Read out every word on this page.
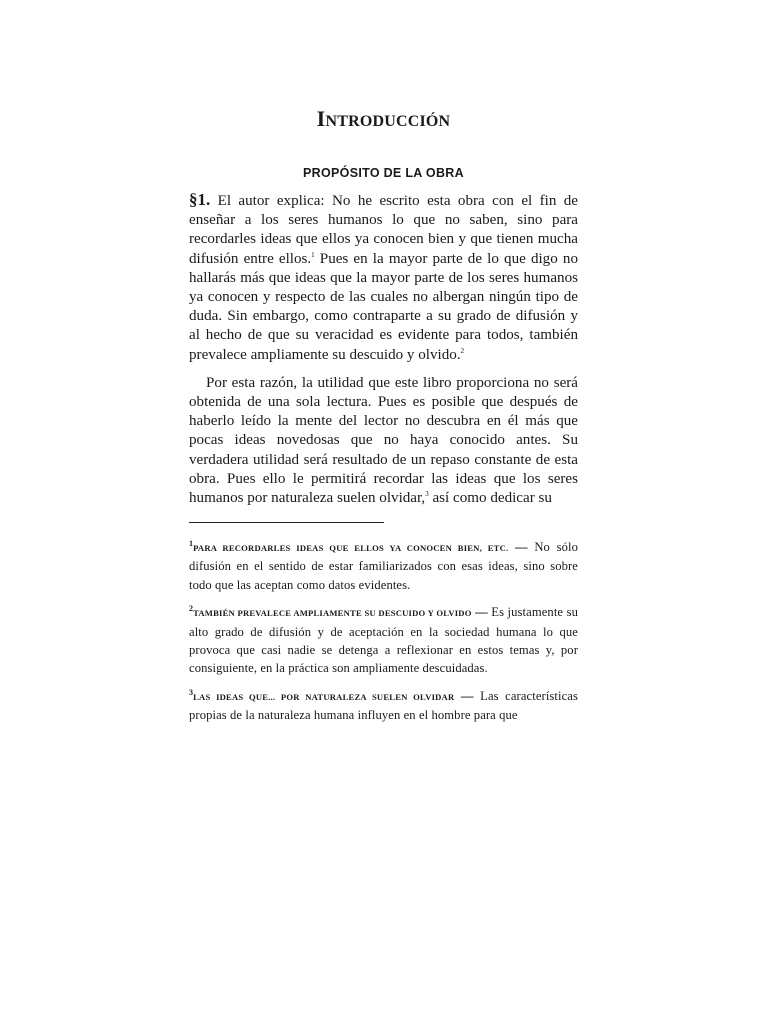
INTRODUCCIÓN
PROPÓSITO DE LA OBRA

§1. El autor explica: No he escrito esta obra con el fin de enseñar a los seres humanos lo que no saben, sino para recordarles ideas que ellos ya conocen bien y que tienen mucha difusión entre ellos.$^1$ Pues en la mayor parte de lo que digo no hallarás más que ideas que la mayor parte de los seres humanos ya conocen y respecto de las cuales no albergan ningún tipo de duda. Sin embargo, como contraparte a su grado de difusión y al hecho de que su veracidad es evidente para todos, también prevalece ampliamente su descuido y olvido.$^2$

Por esta razón, la utilidad que este libro proporciona no será obtenida de una sola lectura. Pues es posible que después de haberlo leído la mente del lector no descubra en él más que pocas ideas novedosas que no haya conocido antes. Su verdadera utilidad será resultado de un repaso constante de esta obra. Pues ello le permitirá recordar las ideas que los seres humanos por naturaleza suelen olvidar,$^3$ así como dedicar su

$^1$PARA RECORDARLES IDEAS QUE ELLOS YA CONOCEN BIEN, ETC. — No sólo difusión en el sentido de estar familiarizados con esas ideas, sino sobre todo que las aceptan como datos evidentes.

$^2$TAMBIÉN PREVALECE AMPLIAMENTE SU DESCUIDO Y OLVIDO — Es justamente su alto grado de difusión y de aceptación en la sociedad humana lo que provoca que casi nadie se detenga a reflexionar en estos temas y, por consiguiente, en la práctica son ampliamente descuidadas.

$^3$LAS IDEAS QUE... POR NATURALEZA SUELEN OLVIDAR — Las características propias de la naturaleza humana influyen en el hombre para que
